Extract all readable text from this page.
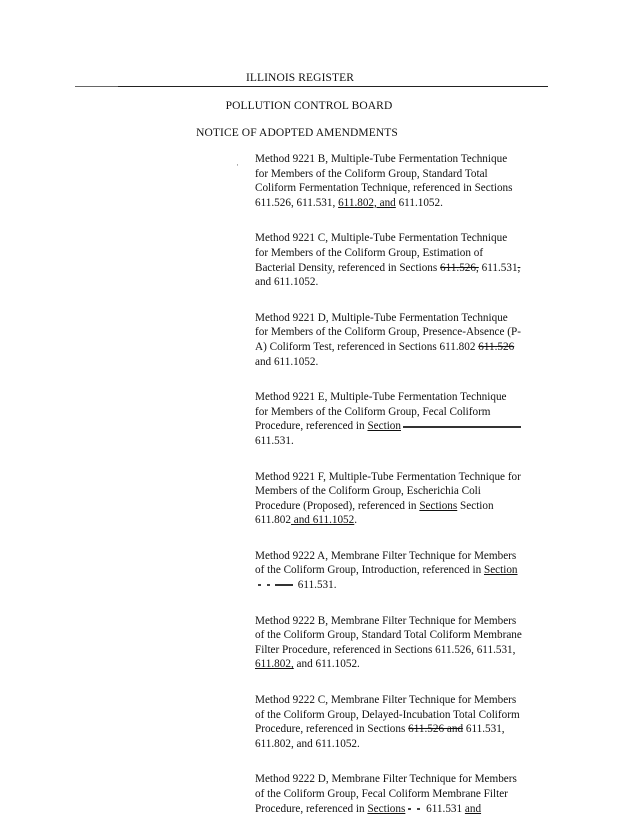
ILLINOIS REGISTER
POLLUTION CONTROL BOARD
NOTICE OF ADOPTED AMENDMENTS
· Method 9221 B, Multiple-Tube Fermentation Technique
for Members of the Coliform Group, Standard Total
Coliform Fermentation Technique, referenced in Sections
611.526, 611.531, 611.802, and 611.1052.
Method 9221 C, Multiple-Tube Fermentation Technique
for Members of the Coliform Group, Estimation of
Bacterial Density, referenced in Sections 611.526, 611.531,
and 611.1052.
Method 9221 D, Multiple-Tube Fermentation Technique
for Members of the Coliform Group, Presence-Absence (P-
A) Coliform Test, referenced in Sections 611.802 611.526
and 611.1052.
Method 9221 E, Multiple-Tube Fermentation Technique
for Members of the Coliform Group, Fecal Coliform
Procedure, referenced in Section
611.531.
Method 9221 F, Multiple-Tube Fermentation Technique for
Members of the Coliform Group, Escherichia Coli
Procedure (Proposed), referenced in Sections Section
611.802 and 611.1052.
Method 9222 A, Membrane Filter Technique for Members
of the Coliform Group, Introduction, referenced in Section
611.531.
Method 9222 B, Membrane Filter Technique for Members
of the Coliform Group, Standard Total Coliform Membrane
Filter Procedure, referenced in Sections 611.526, 611.531,
611.802, and 611.1052.
Method 9222 C, Membrane Filter Technique for Members
of the Coliform Group, Delayed-Incubation Total Coliform
Procedure, referenced in Sections 611.526 and 611.531,
611.802, and 611.1052.
Method 9222 D, Membrane Filter Technique for Members
of the Coliform Group, Fecal Coliform Membrane Filter
Procedure, referenced in Sections 611.531 and
